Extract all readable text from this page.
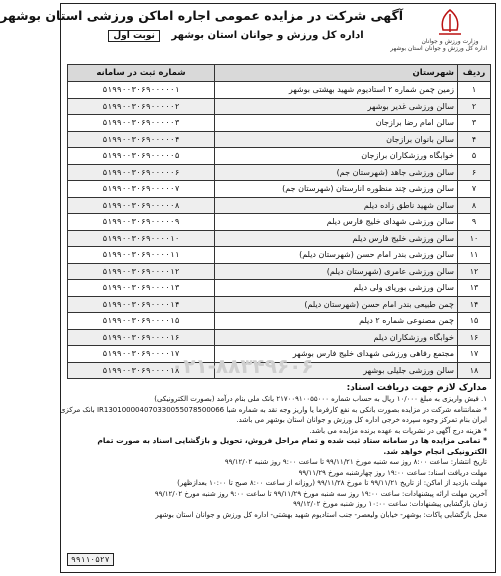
وزارت ورزش و جوانان
اداره کل ورزش و جوانان استان بوشهر
آگهی شرکت در مزایده عمومی اجاره اماکن ورزشی استان بوشهر
اداره کل ورزش و جوانان استان بوشهر نوبت اول
ردیف	شهرستان	شماره ثبت در سامانه
۱	زمین چمن شماره ۲ استادیوم شهید بهشتی بوشهر	۵۱۹۹۰۰۳۰۶۹۰۰۰۰۰۱
۲	سالن ورزشی غدیر بوشهر	۵۱۹۹۰۰۳۰۶۹۰۰۰۰۰۲
۳	سالن امام رضا برازجان	۵۱۹۹۰۰۳۰۶۹۰۰۰۰۰۳
۴	سالن بانوان برازجان	۵۱۹۹۰۰۳۰۶۹۰۰۰۰۰۴
۵	خوابگاه ورزشکاران برازجان	۵۱۹۹۰۰۳۰۶۹۰۰۰۰۰۵
۶	سالن ورزشی جاهد (شهرستان جم)	۵۱۹۹۰۰۳۰۶۹۰۰۰۰۰۶
۷	سالن ورزشی چند منظوره انارستان (شهرستان جم)	۵۱۹۹۰۰۳۰۶۹۰۰۰۰۰۷
۸	سالن شهید ناطق زاده دیلم	۵۱۹۹۰۰۳۰۶۹۰۰۰۰۰۸
۹	سالن ورزشی شهدای خلیج فارس دیلم	۵۱۹۹۰۰۳۰۶۹۰۰۰۰۰۹
۱۰	سالن ورزشی خلیج فارس دیلم	۵۱۹۹۰۰۳۰۶۹۰۰۰۰۱۰
۱۱	سالن ورزشی بندر امام حسن (شهرستان دیلم)	۵۱۹۹۰۰۳۰۶۹۰۰۰۰۱۱
۱۲	سالن ورزشی عامری (شهرستان دیلم)	۵۱۹۹۰۰۳۰۶۹۰۰۰۰۱۲
۱۳	سالن ورزشی بوریای ولی دیلم	۵۱۹۹۰۰۳۰۶۹۰۰۰۰۱۳
۱۴	چمن طبیعی بندر امام حسن (شهرستان دیلم)	۵۱۹۹۰۰۳۰۶۹۰۰۰۰۱۴
۱۵	چمن مصنوعی شماره ۲ دیلم	۵۱۹۹۰۰۳۰۶۹۰۰۰۰۱۵
۱۶	خوابگاه ورزشکاران دیلم	۵۱۹۹۰۰۳۰۶۹۰۰۰۰۱۶
۱۷	مجتمع رفاهی ورزشی شهدای خلیج فارس بوشهر	۵۱۹۹۰۰۳۰۶۹۰۰۰۰۱۷
۱۸	سالن ورزشی جلیلی بوشهر	۵۱۹۹۰۰۳۰۶۹۰۰۰۰۱۸
۰۲۱-۸۸۳۴۹۶۰۶
مدارک لازم جهت دریافت اسناد:

۱. فیش واریزی به مبلغ ۱۰/۰۰۰ ریال به حساب شماره ۲۱۷۰۰۹۱۰۰۵۵۰۰۰ بانک ملی بنام درآمد (بصورت الکترونیکی)

* ضمانتنامه شرکت در مزایده بصورت بانکی به نفع کارفرما یا واریز وجه نقد به شماره شبا IR130100004070330055078500066 بانک مرکزی

ایران بنام تمرکز وجوه سپرده خرجی اداره کل ورزش و جوانان استان بوشهر می باشد.

* هزینه درج آگهی در نشریات به عهده برنده مزایده می باشد.

* تمامی مزایده ها در سامانه ستاد ثبت شده و تمام مراحل فروش، تحویل و بازگشایی اسناد به صورت تمام الکترونیکی انجام خواهد شد.

تاریخ انتشار: ساعت ۸:۰۰ روز سه شنبه مورخ ۹۹/۱۱/۲۱ تا ساعت ۹:۰۰ روز شنبه ۹۹/۱۲/۰۲

مهلت دریافت اسناد: ساعت ۱۹:۰۰ روز چهارشنبه مورخ ۹۹/۱۱/۲۹

مهلت بازدید از اماکن: از تاریخ ۹۹/۱۱/۲۱ تا مورخ ۹۹/۱۱/۲۸ (روزانه از ساعت ۸:۰۰ صبح تا ۱۰:۰۰ بعدازظهر)

آخرین مهلت ارائه پیشنهادات: ساعت ۱۹:۰۰ روز سه شنبه مورخ ۹۹/۱۱/۲۹ تا ساعت ۹:۰۰ روز شنبه مورخ ۹۹/۱۲/۰۲

زمان بازگشایی پیشنهادات: ساعت ۱۰:۰۰ روز شنبه مورخ ۹۹/۱۲/۰۲

محل بازگشایی پاکات: بوشهر- خیابان ولیعصر- جنب استادیوم شهید بهشتی- اداره کل ورزش و جوانان استان بوشهر

۹۹۱۱۰۵۲۷
